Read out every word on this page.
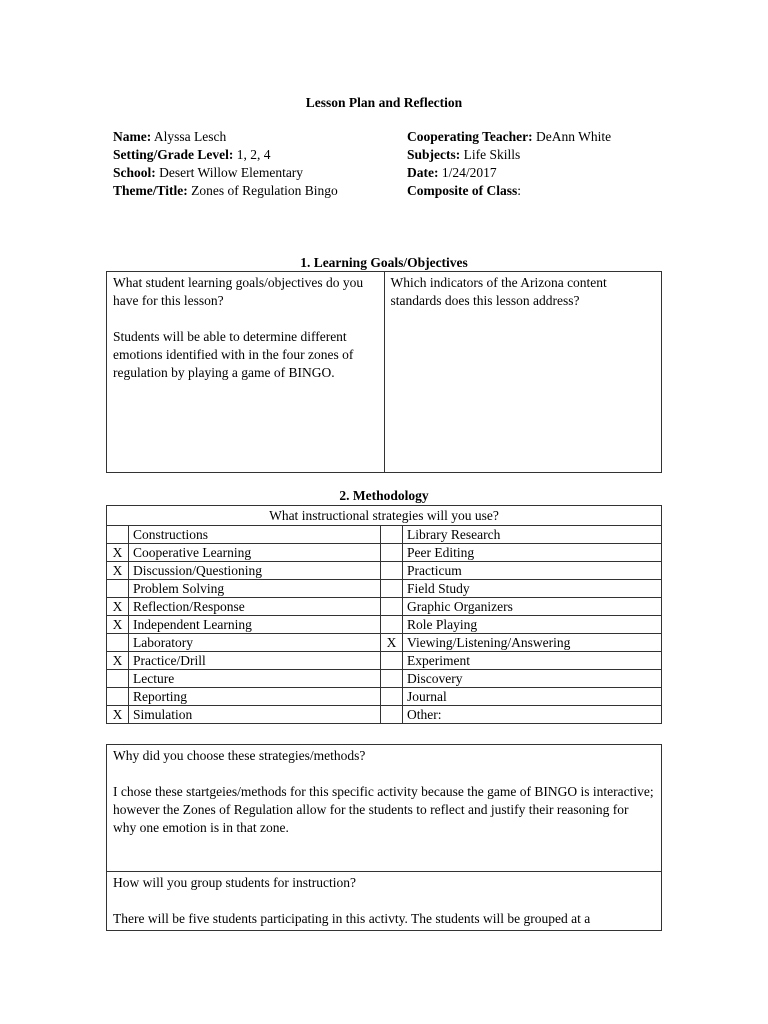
Lesson Plan and Reflection
Name: Alyssa Lesch
Setting/Grade Level: 1, 2, 4
School: Desert Willow Elementary
Theme/Title: Zones of Regulation Bingo
Cooperating Teacher: DeAnn White
Subjects: Life Skills
Date: 1/24/2017
Composite of Class:
1. Learning Goals/Objectives

What student learning goals/objectives do you have for this lesson?

Students will be able to determine different emotions identified with in the four zones of regulation by playing a game of BINGO.

Which indicators of the Arizona content standards does this lesson address?

2. Methodology
What instructional strategies will you use?			
	Constructions		Library Research
X	Cooperative Learning		Peer Editing
X	Discussion/Questioning		Practicum
	Problem Solving		Field Study
X	Reflection/Response		Graphic Organizers
X	Independent Learning		Role Playing
	Laboratory	X	Viewing/Listening/Answering
X	Practice/Drill		Experiment
	Lecture		Discovery
	Reporting		Journal
X	Simulation		Other:

Why did you choose these strategies/methods?

I chose these startgeies/methods for this specific activity because the game of BINGO is interactive; however the Zones of Regulation allow for the students to reflect and justify their reasoning for why one emotion is in that zone.

How will you group students for instruction?

There will be five students participating in this activty. The students will be grouped at a
